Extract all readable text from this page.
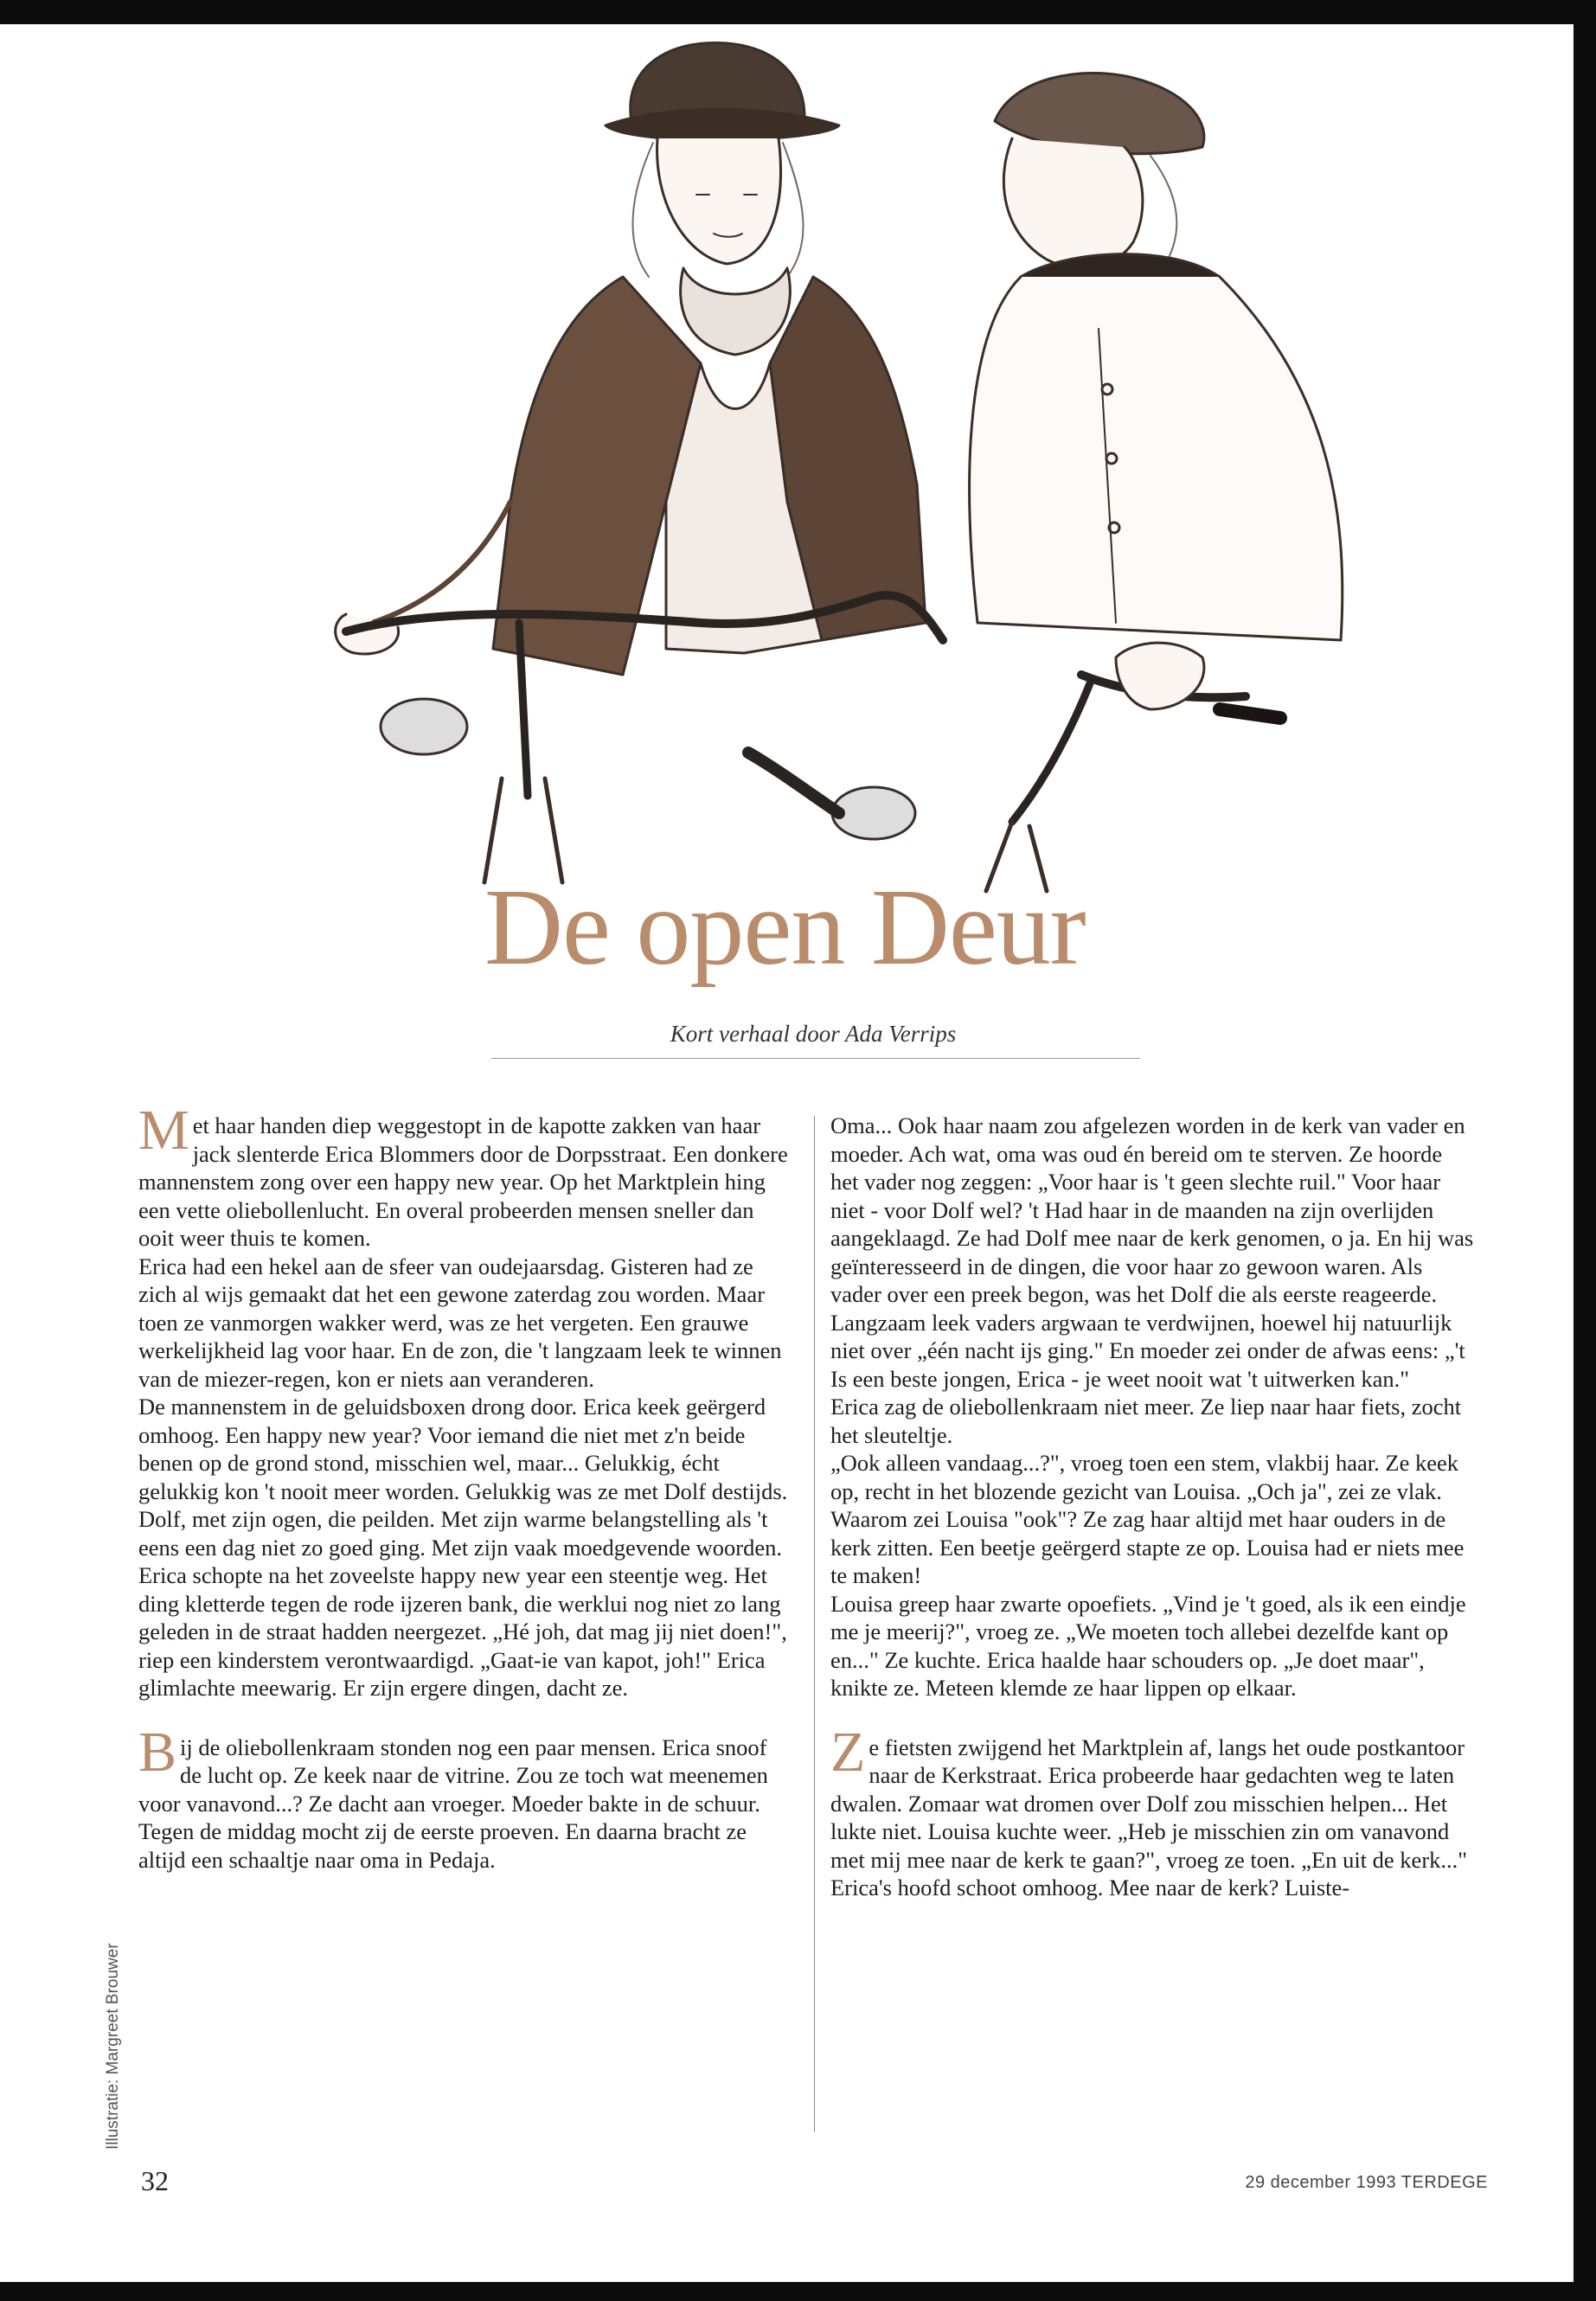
De open Deur
Kort verhaal door Ada Verrips

Met haar handen diep weggestopt in de kapotte zakken van haar jack slenterde Erica Blommers door de Dorpsstraat. Een donkere mannenstem zong over een happy new year. Op het Marktplein hing een vette oliebollenlucht. En overal probeerden mensen sneller dan ooit weer thuis te komen.

Erica had een hekel aan de sfeer van oudejaarsdag. Gisteren had ze zich al wijs gemaakt dat het een gewone zaterdag zou worden. Maar toen ze vanmorgen wakker werd, was ze het vergeten. Een grauwe werkelijkheid lag voor haar. En de zon, die 't langzaam leek te winnen van de miezer-regen, kon er niets aan veranderen.

De mannenstem in de geluidsboxen drong door. Erica keek geërgerd omhoog. Een happy new year? Voor iemand die niet met z'n beide benen op de grond stond, misschien wel, maar... Gelukkig, écht gelukkig kon 't nooit meer worden. Gelukkig was ze met Dolf destijds. Dolf, met zijn ogen, die peilden. Met zijn warme belangstelling als 't eens een dag niet zo goed ging. Met zijn vaak moedgevende woorden.

Erica schopte na het zoveelste happy new year een steentje weg. Het ding kletterde tegen de rode ijzeren bank, die werklui nog niet zo lang geleden in de straat hadden neergezet. „Hé joh, dat mag jij niet doen!", riep een kinderstem verontwaardigd. „Gaat-ie van kapot, joh!" Erica glimlachte meewarig. Er zijn ergere dingen, dacht ze.

Bij de oliebollenkraam stonden nog een paar mensen. Erica snoof de lucht op. Ze keek naar de vitrine. Zou ze toch wat meenemen voor vanavond...? Ze dacht aan vroeger. Moeder bakte in de schuur. Tegen de middag mocht zij de eerste proeven. En daarna bracht ze altijd een schaaltje naar oma in Pedaja.

Oma... Ook haar naam zou afgelezen worden in de kerk van vader en moeder. Ach wat, oma was oud én bereid om te sterven. Ze hoorde het vader nog zeggen: „Voor haar is 't geen slechte ruil." Voor haar niet - voor Dolf wel? 't Had haar in de maanden na zijn overlijden aangeklaagd. Ze had Dolf mee naar de kerk genomen, o ja. En hij was geïnteresseerd in de dingen, die voor haar zo gewoon waren. Als vader over een preek begon, was het Dolf die als eerste reageerde.

Langzaam leek vaders argwaan te verdwijnen, hoewel hij natuurlijk niet over „één nacht ijs ging." En moeder zei onder de afwas eens: „'t Is een beste jongen, Erica - je weet nooit wat 't uitwerken kan."

Erica zag de oliebollenkraam niet meer. Ze liep naar haar fiets, zocht het sleuteltje.

„Ook alleen vandaag...?", vroeg toen een stem, vlakbij haar. Ze keek op, recht in het blozende gezicht van Louisa. „Och ja", zei ze vlak. Waarom zei Louisa "ook"? Ze zag haar altijd met haar ouders in de kerk zitten. Een beetje geërgerd stapte ze op. Louisa had er niets mee te maken!

Louisa greep haar zwarte opoefiets. „Vind je 't goed, als ik een eindje me je meerij?", vroeg ze. „We moeten toch allebei dezelfde kant op en..." Ze kuchte. Erica haalde haar schouders op. „Je doet maar", knikte ze. Meteen klemde ze haar lippen op elkaar.

Ze fietsten zwijgend het Marktplein af, langs het oude postkantoor naar de Kerkstraat. Erica probeerde haar gedachten weg te laten dwalen. Zomaar wat dromen over Dolf zou misschien helpen... Het lukte niet. Louisa kuchte weer. „Heb je misschien zin om vanavond met mij mee naar de kerk te gaan?", vroeg ze toen. „En uit de kerk..." Erica's hoofd schoot omhoog. Mee naar de kerk? Luiste-

Illustratie: Margreet Brouwer
32	29 december 1993 TERDEGE
